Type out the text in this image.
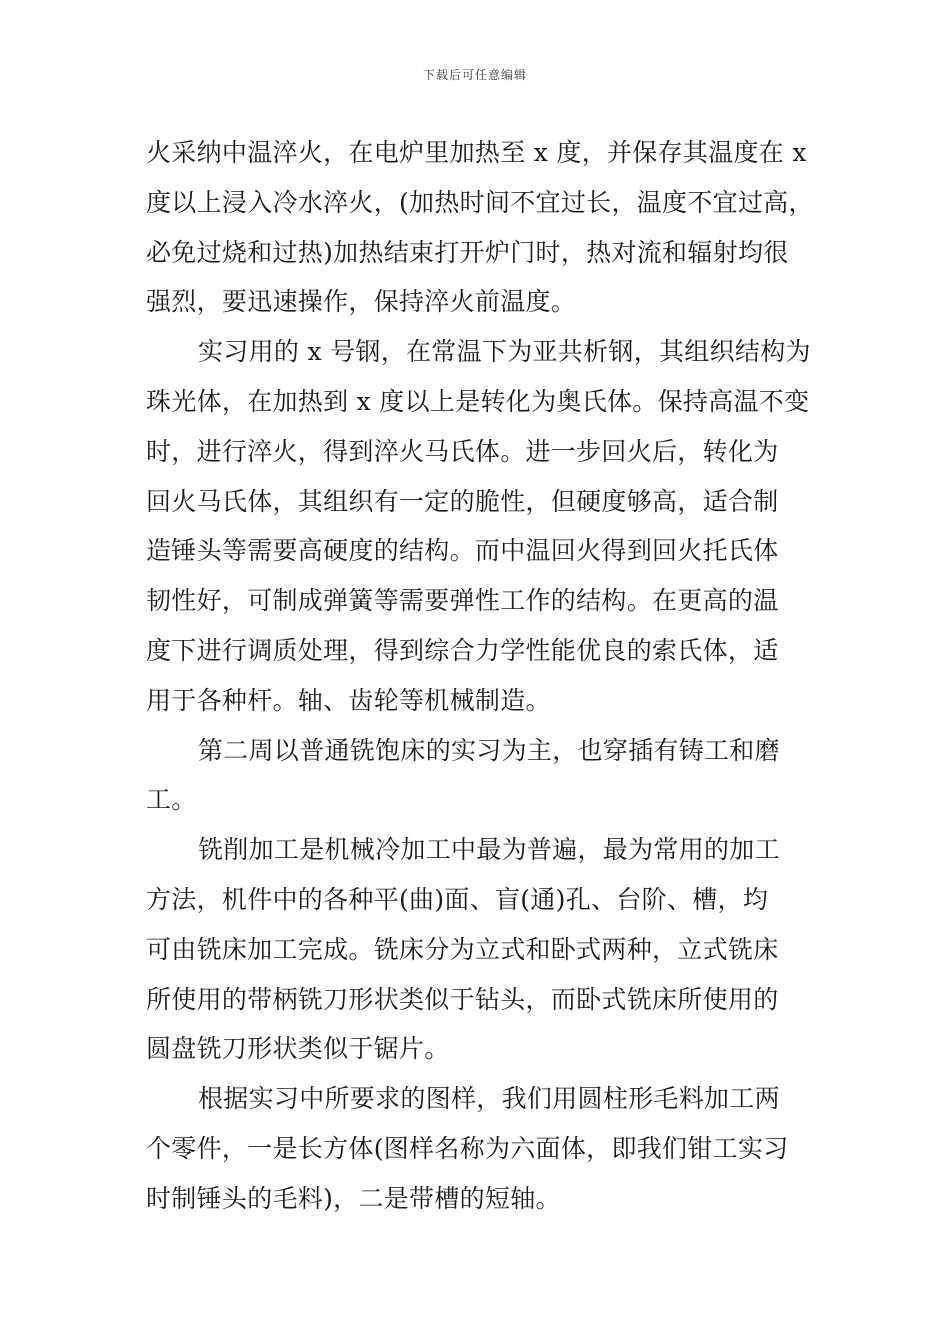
下载后可任意编辑
火采纳中温淬火，在电炉里加热至 x 度，并保存其温度在 x
度以上浸入冷水淬火，(加热时间不宜过长，温度不宜过高，
必免过烧和过热)加热结束打开炉门时，热对流和辐射均很
强烈，要迅速操作，保持淬火前温度。
实习用的 x 号钢，在常温下为亚共析钢，其组织结构为
珠光体，在加热到 x 度以上是转化为奥氏体。保持高温不变
时，进行淬火，得到淬火马氏体。进一步回火后，转化为
回火马氏体，其组织有一定的脆性，但硬度够高，适合制
造锤头等需要高硬度的结构。而中温回火得到回火托氏体
韧性好，可制成弹簧等需要弹性工作的结构。在更高的温
度下进行调质处理，得到综合力学性能优良的索氏体，适
用于各种杆。轴、齿轮等机械制造。
第二周以普通铣饱床的实习为主，也穿插有铸工和磨
工。
铣削加工是机械冷加工中最为普遍，最为常用的加工
方法，机件中的各种平(曲)面、盲(通)孔、台阶、槽，均
可由铣床加工完成。铣床分为立式和卧式两种，立式铣床
所使用的带柄铣刀形状类似于钻头，而卧式铣床所使用的
圆盘铣刀形状类似于锯片。
根据实习中所要求的图样，我们用圆柱形毛料加工两
个零件，一是长方体(图样名称为六面体，即我们钳工实习
时制锤头的毛料)，二是带槽的短轴。
